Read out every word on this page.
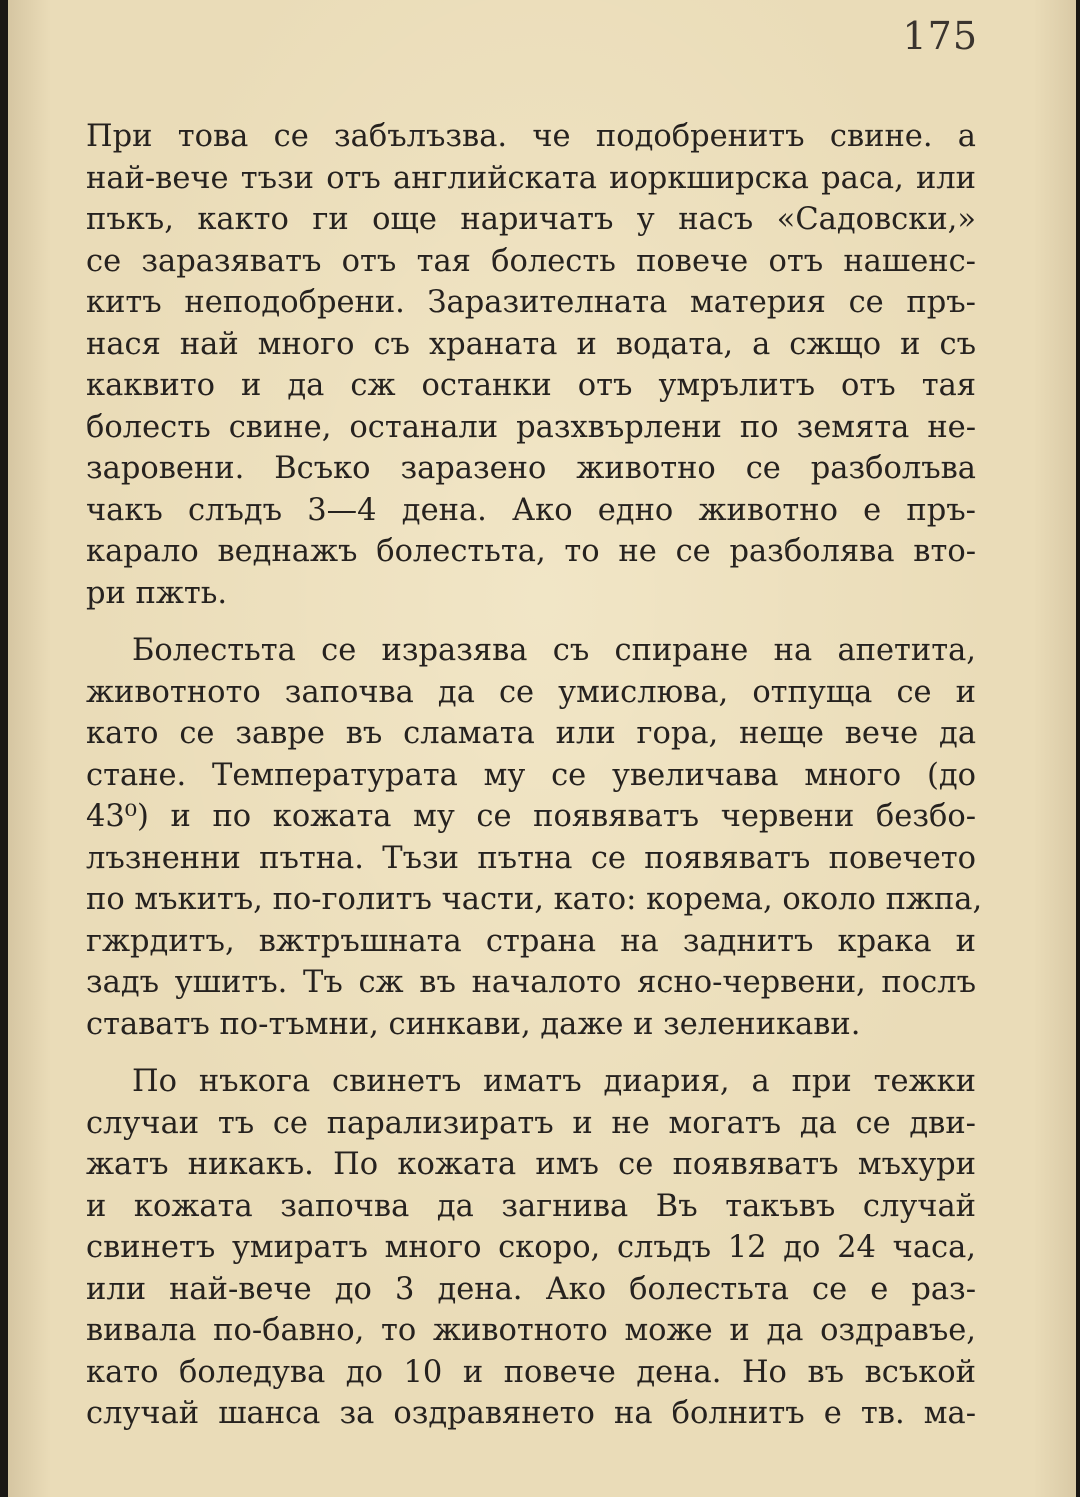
175
При това се забълъзва. че подобренитъ свине. а
най-вече тъзи отъ английската иоркширска раса, или
пъкъ, както ги още наричатъ у насъ «Садовски,»
се заразяватъ отъ тая болесть повече отъ нашенс-
китъ неподобрени. Заразителната материя се пръ-
нася най много съ храната и водата, а сжщо и съ
каквито и да сж останки отъ умрълитъ отъ тая
болесть свине, останали разхвърлени по земята не-
заровени. Всъко заразено животно се разболъва
чакъ слъдъ 3—4 дена. Ако едно животно е пръ-
карало веднажъ болестьта, то не се разболява вто-
ри пжть.
Болестьта се изразява съ спиране на апетита,
животното започва да се умислюва, отпуща се и
като се завре въ сламата или гора, неще вече да
стане. Температурата му се увеличава много (до
43⁰) и по кожата му се появяватъ червени безбо-
лъзненни пътна. Тъзи пътна се появяватъ повечето
по мъкитъ, по-голитъ части, като: корема, около пжпа,
гжрдитъ, вжтръшната страна на заднитъ крака и
задъ ушитъ. Тъ сж въ началото ясно-червени, послъ
ставатъ по-тъмни, синкави, даже и зеленикави.
По нъкога свинетъ иматъ диария, а при тежки
случаи тъ се парализиратъ и не могатъ да се дви-
жатъ никакъ. По кожата имъ се появяватъ мъхури
и кожата започва да загнива Въ такъвъ случай
свинетъ умиратъ много скоро, слъдъ 12 до 24 часа,
или най-вече до 3 дена. Ако болестьта се е раз-
вивала по-бавно, то животното може и да оздравъе,
като боледува до 10 и повече дена. Но въ всъкой
случай шанса за оздравянето на болнитъ е тв. ма-
